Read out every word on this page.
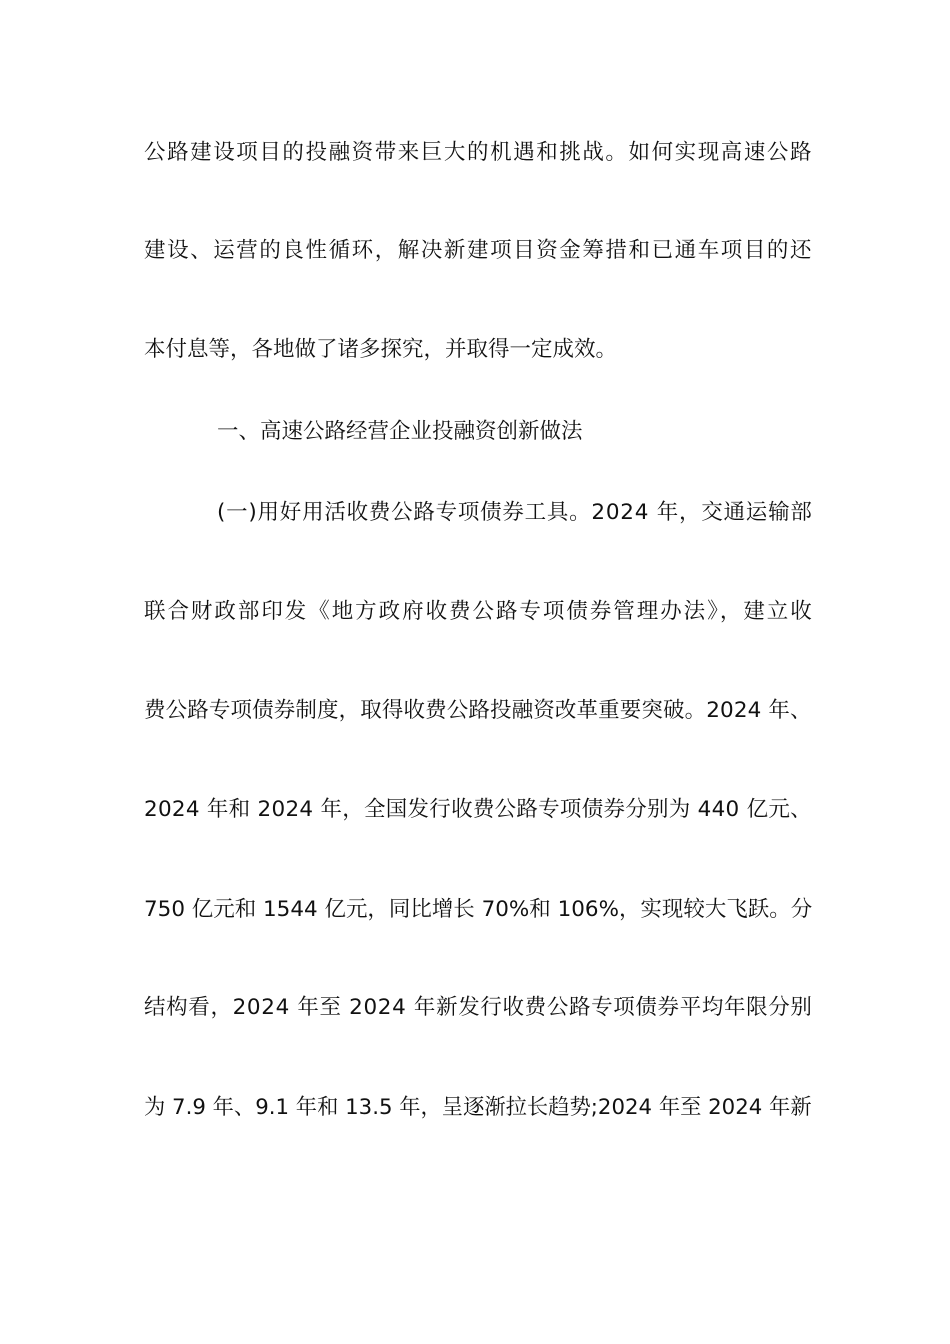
公路建设项目的投融资带来巨大的机遇和挑战。如何实现高速公路
建设、运营的良性循环，解决新建项目资金筹措和已通车项目的还
本付息等，各地做了诸多探究，并取得一定成效。
一、高速公路经营企业投融资创新做法
(一)用好用活收费公路专项债券工具。2024 年，交通运输部
联合财政部印发《地方政府收费公路专项债券管理办法》，建立收
费公路专项债券制度，取得收费公路投融资改革重要突破。2024 年、
2024 年和 2024 年，全国发行收费公路专项债券分别为 440 亿元、
750 亿元和 1544 亿元，同比增长 70%和 106%，实现较大飞跃。分
结构看，2024 年至 2024 年新发行收费公路专项债券平均年限分别
为 7.9 年、9.1 年和 13.5 年，呈逐渐拉长趋势;2024 年至 2024 年新
